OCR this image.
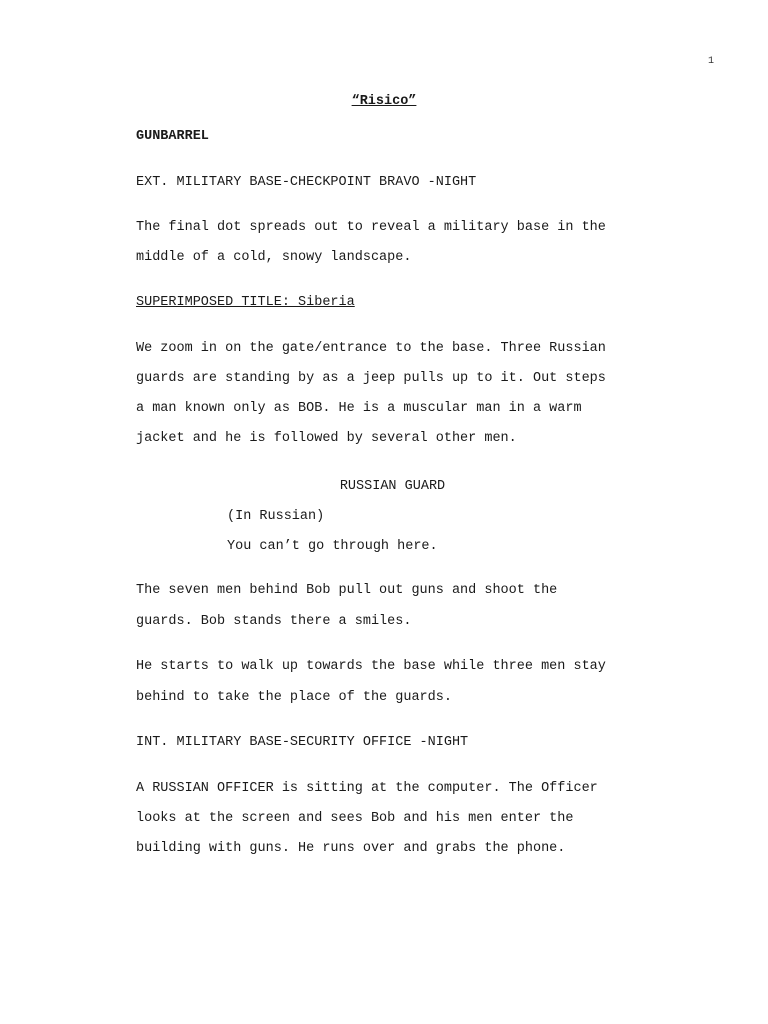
1
“Risico”
GUNBARREL
EXT. MILITARY BASE-CHECKPOINT BRAVO -NIGHT
The final dot spreads out to reveal a military base in the
middle of a cold, snowy landscape.
SUPERIMPOSED TITLE: Siberia
We zoom in on the gate/entrance to the base. Three Russian
guards are standing by as a jeep pulls up to it. Out steps
a man known only as BOB. He is a muscular man in a warm
jacket and he is followed by several other men.
RUSSIAN GUARD
(In Russian)
You can’t go through here.
The seven men behind Bob pull out guns and shoot the
guards. Bob stands there a smiles.
He starts to walk up towards the base while three men stay
behind to take the place of the guards.
INT. MILITARY BASE-SECURITY OFFICE -NIGHT
A RUSSIAN OFFICER is sitting at the computer. The Officer
looks at the screen and sees Bob and his men enter the
building with guns. He runs over and grabs the phone.
